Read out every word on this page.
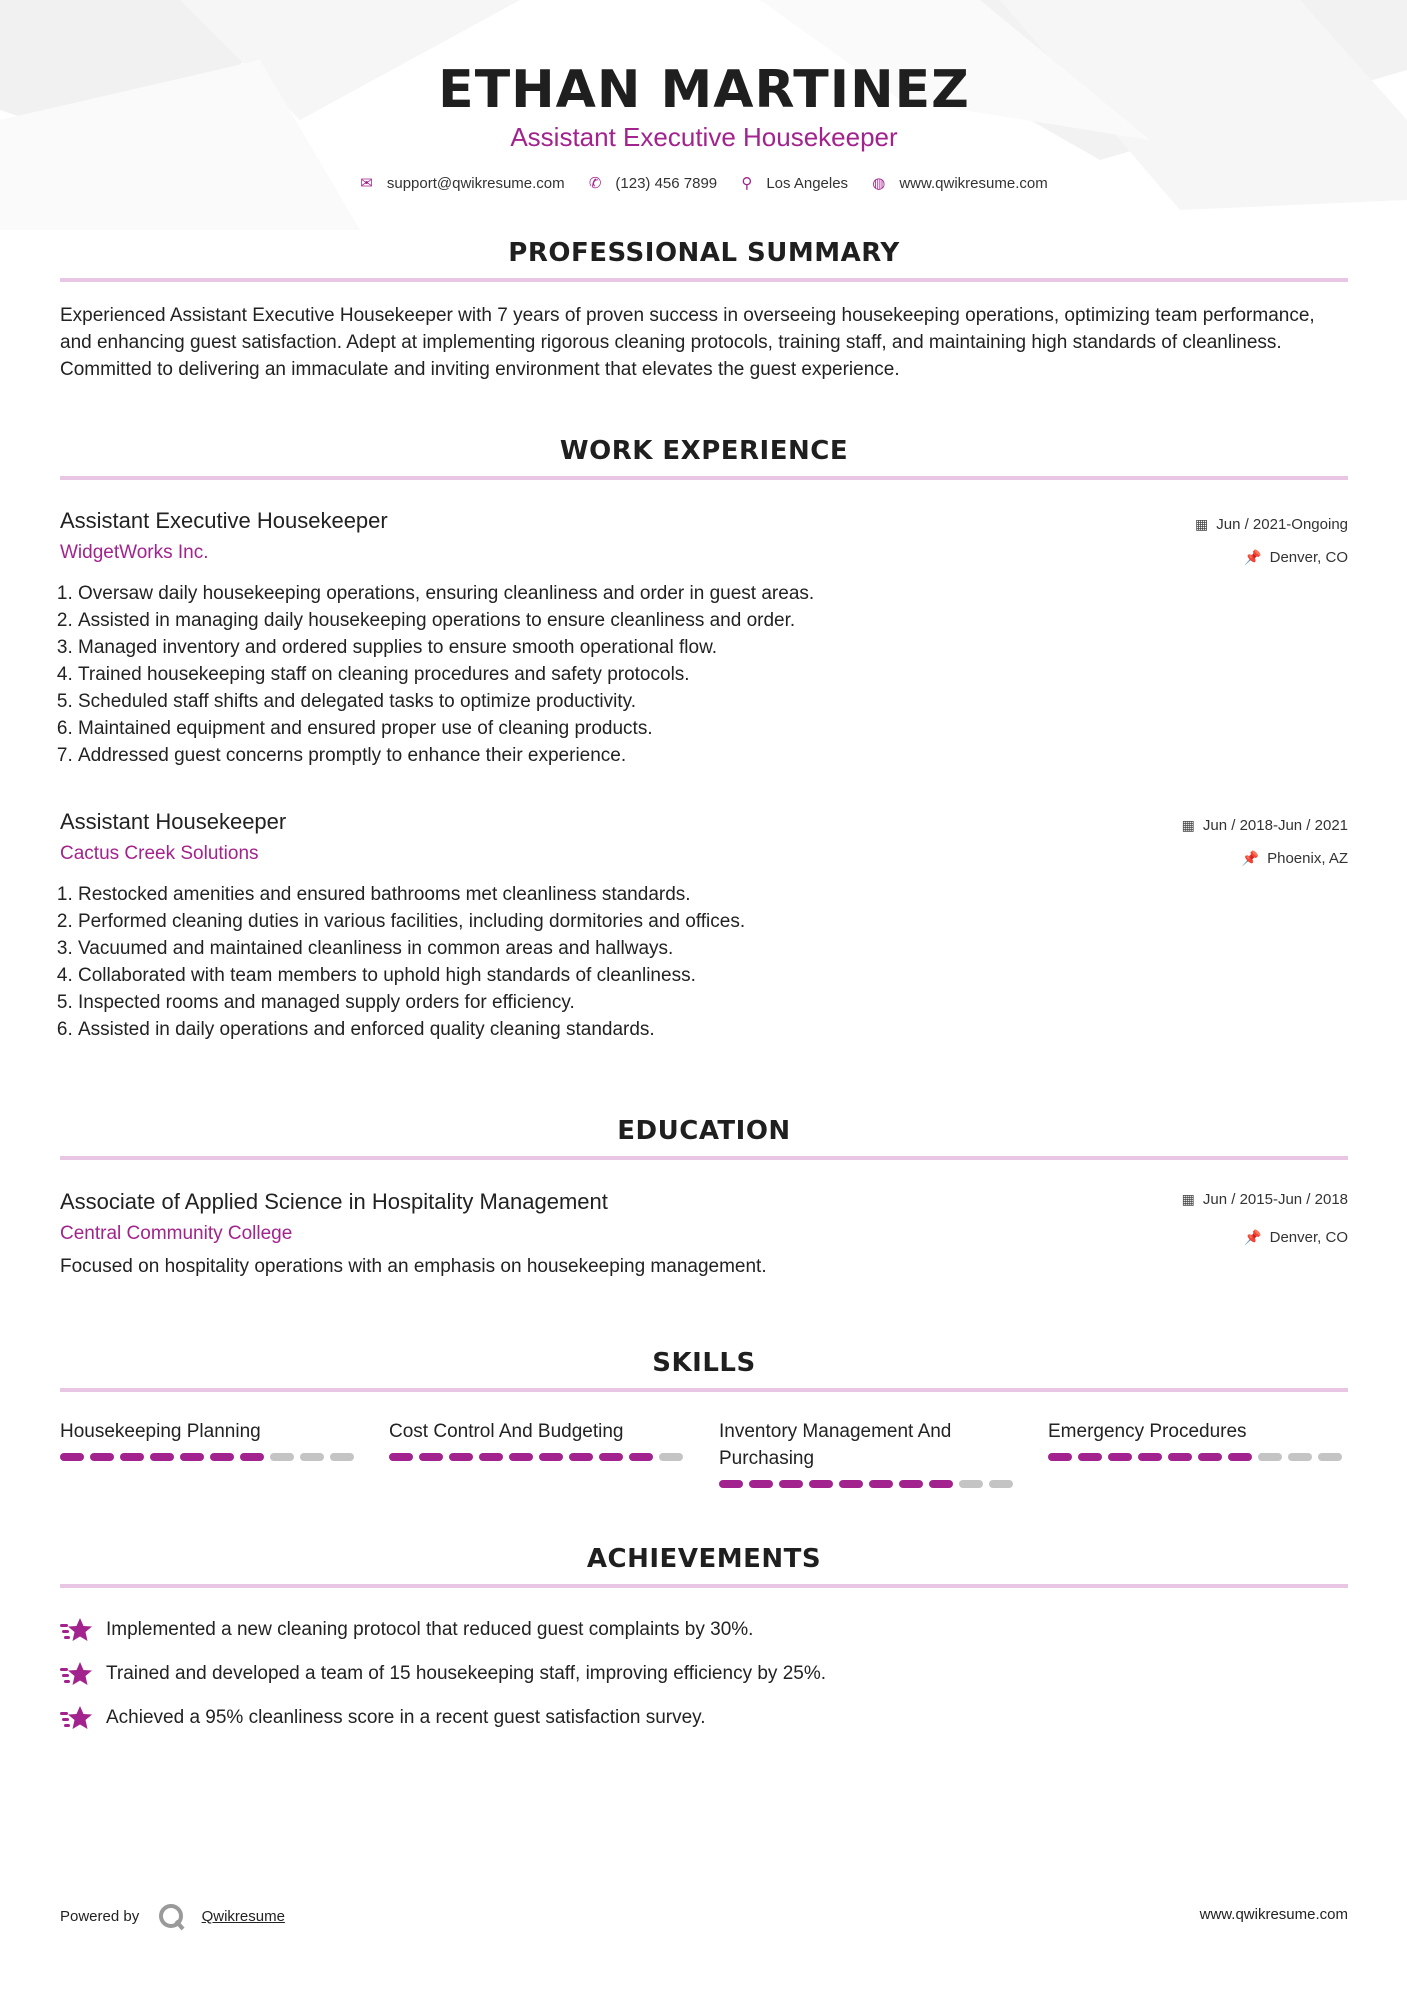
ETHAN MARTINEZ
Assistant Executive Housekeeper
✉ support@qwikresume.com ✆ (123) 456 7899 ⚲ Los Angeles ◍ www.qwikresume.com
PROFESSIONAL SUMMARY
Experienced Assistant Executive Housekeeper with 7 years of proven success in overseeing housekeeping operations, optimizing team performance, and enhancing guest satisfaction. Adept at implementing rigorous cleaning protocols, training staff, and maintaining high standards of cleanliness. Committed to delivering an immaculate and inviting environment that elevates the guest experience.
WORK EXPERIENCE
Assistant Executive Housekeeper
WidgetWorks Inc.
▦ Jun / 2021-Ongoing
📌 Denver, CO
1. Oversaw daily housekeeping operations, ensuring cleanliness and order in guest areas.
2. Assisted in managing daily housekeeping operations to ensure cleanliness and order.
3. Managed inventory and ordered supplies to ensure smooth operational flow.
4. Trained housekeeping staff on cleaning procedures and safety protocols.
5. Scheduled staff shifts and delegated tasks to optimize productivity.
6. Maintained equipment and ensured proper use of cleaning products.
7. Addressed guest concerns promptly to enhance their experience.
Assistant Housekeeper
Cactus Creek Solutions
▦ Jun / 2018-Jun / 2021
📌 Phoenix, AZ
1. Restocked amenities and ensured bathrooms met cleanliness standards.
2. Performed cleaning duties in various facilities, including dormitories and offices.
3. Vacuumed and maintained cleanliness in common areas and hallways.
4. Collaborated with team members to uphold high standards of cleanliness.
5. Inspected rooms and managed supply orders for efficiency.
6. Assisted in daily operations and enforced quality cleaning standards.
EDUCATION
Associate of Applied Science in Hospitality Management
Central Community College
▦ Jun / 2015-Jun / 2018
📌 Denver, CO
Focused on hospitality operations with an emphasis on housekeeping management.
SKILLS
Housekeeping Planning	Cost Control And Budgeting	Inventory Management And Purchasing
Emergency Procedures
ACHIEVEMENTS
Implemented a new cleaning protocol that reduced guest complaints by 30%.
Trained and developed a team of 15 housekeeping staff, improving efficiency by 25%.
Achieved a 95% cleanliness score in a recent guest satisfaction survey.
Powered by	Qwikresume	www.qwikresume.com
